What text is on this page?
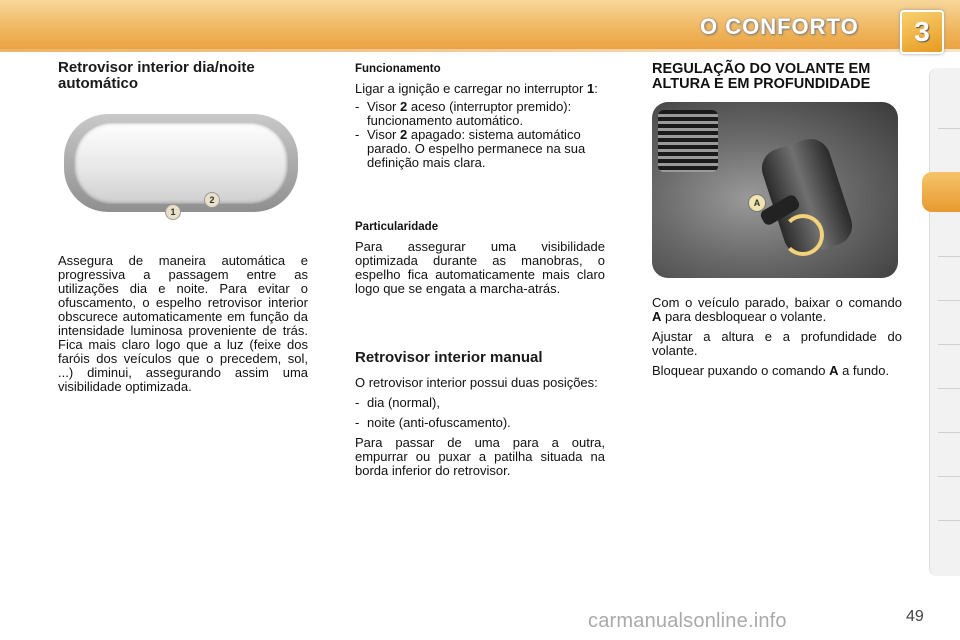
O CONFORTO	3
Retrovisor interior dia/noite automático
1
2

Assegura de maneira automática e progressiva a passagem entre as utilizações dia e noite. Para evitar o ofuscamento, o espelho retrovisor interior obscurece automaticamente em função da intensidade luminosa proveniente de trás. Fica mais claro logo que a luz (feixe dos faróis dos veículos que o precedem, sol, ...) diminui, assegurando assim uma visibilidade optimizada.

Funcionamento

Ligar a ignição e carregar no interruptor 1:

- Visor 2 aceso (interruptor premido): funcionamento automático.
- Visor 2 apagado: sistema automático parado. O espelho permanece na sua definição mais clara.
Particularidade

Para assegurar uma visibilidade optimizada durante as manobras, o espelho fica automaticamente mais claro logo que se engata a marcha-atrás.

Retrovisor interior manual

O retrovisor interior possui duas posições:

- dia (normal),
- noite (anti-ofuscamento).

Para passar de uma para a outra, empurrar ou puxar a patilha situada na borda inferior do retrovisor.

REGULAÇÃO DO VOLANTE EM ALTURA E EM PROFUNDIDADE
A

Com o veículo parado, baixar o comando A para desbloquear o volante.

Ajustar a altura e a profundidade do volante.

Bloquear puxando o comando A a fundo.

carmanualsonline.info	49
